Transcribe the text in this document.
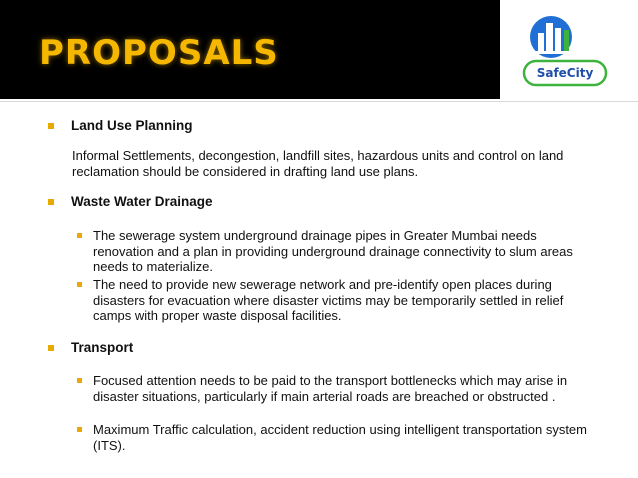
PROPOSALS	SafeCity
Land Use Planning
Informal Settlements, decongestion, landfill sites, hazardous units and control on land reclamation should be considered in drafting land use plans.
Waste Water Drainage
The sewerage system underground drainage pipes in Greater Mumbai needs renovation and a plan in providing underground drainage connectivity to slum areas needs to materialize.
The need to provide new sewerage network and pre-identify open places during disasters for evacuation where disaster victims may be temporarily settled in relief camps with proper waste disposal facilities.
Transport
Focused attention needs to be paid to the transport bottlenecks which may arise in disaster situations, particularly if main arterial roads are breached or obstructed .
Maximum Traffic calculation, accident reduction using intelligent transportation system (ITS).
